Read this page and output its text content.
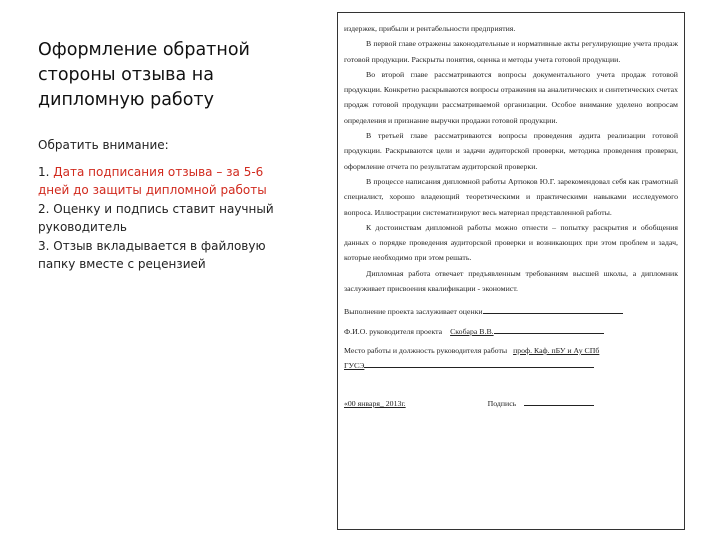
Оформление обратной стороны отзыва на дипломную работу
Обратить внимание:
1. Дата подписания отзыва – за 5-6 дней до защиты дипломной работы
2. Оценку и подпись ставит научный руководитель
3. Отзыв вкладывается в файловую папку вместе с рецензией

издержек, прибыли и рентабельности предприятия.

В первой главе отражены законодательные и нормативные акты регулирующие учета продаж готовой продукции. Раскрыты понятия, оценка и методы учета готовой продукции.

Во второй главе рассматриваются вопросы документального учета продаж готовой продукции. Конкретно раскрываются вопросы отражения на аналитических и синтетических счетах продаж готовой продукции рассматриваемой организации. Особое внимание уделено вопросам определения и признание выручки продажи готовой продукции.

В третьей главе рассматриваются вопросы проведения аудита реализации готовой продукции. Раскрываются цели и задачи аудиторской проверки, методика проведения проверки, оформление отчета по результатам аудиторской проверки.

В процессе написания дипломной работы Артюков Ю.Г. зарекомендовал себя как грамотный специалист, хорошо владеющий теоретическими и практическими навыками исследуемого вопроса. Иллюстрации систематизируют весь материал представленной работы.

К достоинствам дипломной работы можно отнести – попытку раскрытия и обобщения данных о порядке проведения аудиторской проверки и возникающих при этом проблем и задач, которые необходимо при этом решать.

Дипломная работа отвечает предъявленным требованиям высшей школы, а дипломник заслуживает присвоения квалификации - экономист.

Выполнение проекта заслуживает оценки

Ф.И.О. руководителя проекта Скобара В.В.

Место работы и должность руководителя работы проф. Каф. пБУ и Ау СПб

ГУСЭ

«00 января_ 2013г.	Подпись
